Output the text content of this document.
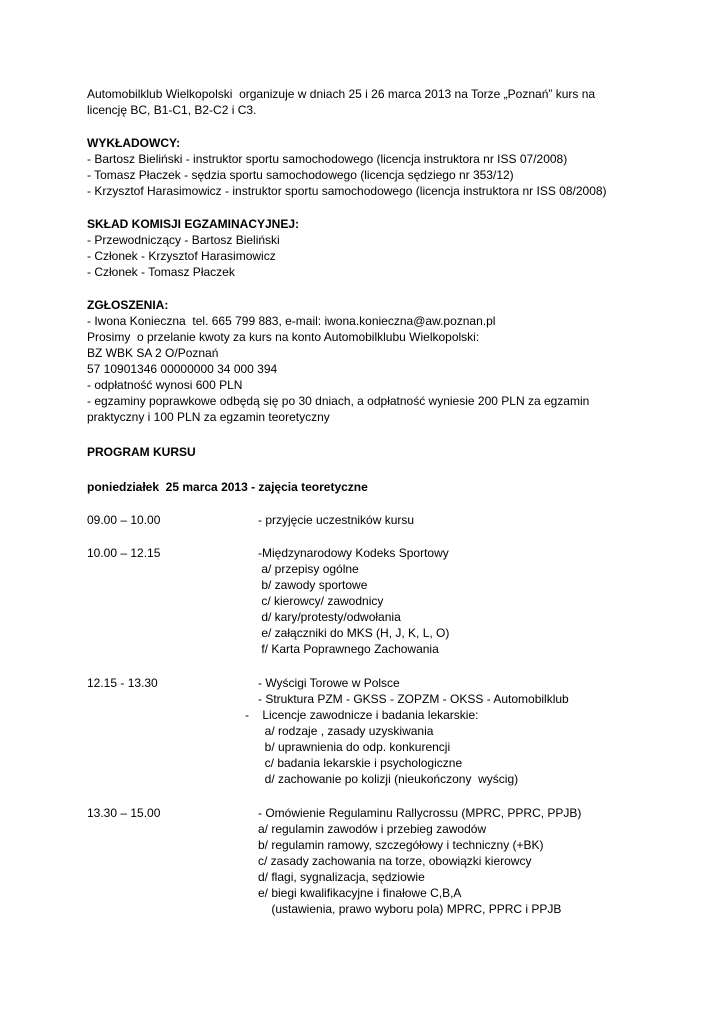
Automobilklub Wielkopolski  organizuje w dniach 25 i 26 marca 2013 na Torze „Poznań” kurs na
licencję BC, B1-C1, B2-C2 i C3.
WYKŁADOWCY:
- Bartosz Bieliński - instruktor sportu samochodowego (licencja instruktora nr ISS 07/2008)
- Tomasz Płaczek - sędzia sportu samochodowego (licencja sędziego nr 353/12)
- Krzysztof Harasimowicz - instruktor sportu samochodowego (licencja instruktora nr ISS 08/2008)
SKŁAD KOMISJI EGZAMINACYJNEJ:
- Przewodniczący - Bartosz Bieliński
- Członek - Krzysztof Harasimowicz
- Członek - Tomasz Płaczek
ZGŁOSZENIA:
- Iwona Konieczna  tel. 665 799 883, e-mail: iwona.konieczna@aw.poznan.pl
Prosimy  o przelanie kwoty za kurs na konto Automobilklubu Wielkopolski:
BZ WBK SA 2 O/Poznań
57 10901346 00000000 34 000 394
- odpłatność wynosi 600 PLN
- egzaminy poprawkowe odbędą się po 30 dniach, a odpłatność wyniesie 200 PLN za egzamin
praktyczny i 100 PLN za egzamin teoretyczny
PROGRAM KURSU
poniedziałek  25 marca 2013 - zajęcia teoretyczne
09.00 – 10.00	- przyjęcie uczestników kursu
10.00 – 12.15	-Międzynarodowy Kodeks Sportowy
a/ przepisy ogólne
b/ zawody sportowe
c/ kierowcy/ zawodnicy
d/ kary/protesty/odwołania
e/ załączniki do MKS (H, J, K, L, O)
f/ Karta Poprawnego Zachowania
12.15 - 13.30	- Wyścigi Torowe w Polsce
- Struktura PZM - GKSS - ZOPZM - OKSS - Automobilklub
-    Licencje zawodnicze i badania lekarskie:
a/ rodzaje , zasady uzyskiwania
b/ uprawnienia do odp. konkurencji
c/ badania lekarskie i psychologiczne
d/ zachowanie po kolizji (nieukończony  wyścig)
13.30 – 15.00	- Omówienie Regulaminu Rallycrossu (MPRC, PPRC, PPJB)
a/ regulamin zawodów i przebieg zawodów
b/ regulamin ramowy, szczegółowy i techniczny (+BK)
c/ zasady zachowania na torze, obowiązki kierowcy
d/ flagi, sygnalizacja, sędziowie
e/ biegi kwalifikacyjne i finałowe C,B,A
(ustawienia, prawo wyboru pola) MPRC, PPRC i PPJB
